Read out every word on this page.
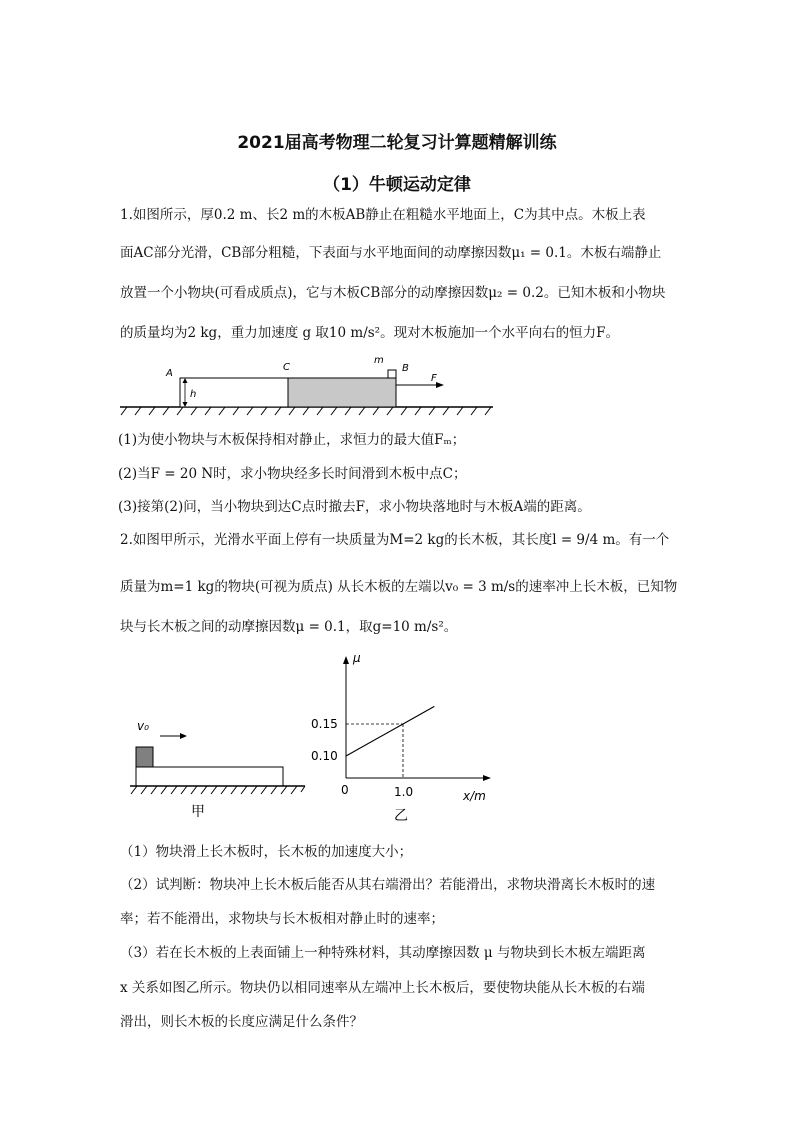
2021届高考物理二轮复习计算题精解训练
（1）牛顿运动定律
1.如图所示，厚0.2 m、长2 m的木板AB静止在粗糙水平地面上，C为其中点。木板上表
面AC部分光滑，CB部分粗糙，下表面与水平地面间的动摩擦因数μ₁ = 0.1。木板右端静止
放置一个小物块(可看成质点)，它与木板CB部分的动摩擦因数μ₂ = 0.2。已知木板和小物块
的质量均为2 kg，重力加速度 g 取10 m/s²。现对木板施加一个水平向右的恒力F。
A
h
C
m
B
F
(1)为使小物块与木板保持相对静止，求恒力的最大值Fₘ；
(2)当F = 20 N时，求小物块经多长时间滑到木板中点C；
(3)接第(2)问，当小物块到达C点时撤去F，求小物块落地时与木板A端的距离。
2.如图甲所示，光滑水平面上停有一块质量为M=2 kg的长木板，其长度l = 9/4 m。有一个
质量为m=1 kg的物块(可视为质点) 从长木板的左端以v₀ = 3 m/s的速率冲上长木板，已知物
块与长木板之间的动摩擦因数μ = 0.1，取g=10 m/s²。
v₀
甲
μ
x/m
0
0.10
0.15
1.0
乙
（1）物块滑上长木板时，长木板的加速度大小；
（2）试判断：物块冲上长木板后能否从其右端滑出？若能滑出，求物块滑离长木板时的速
率；若不能滑出，求物块与长木板相对静止时的速率；
（3）若在长木板的上表面铺上一种特殊材料，其动摩擦因数 μ 与物块到长木板左端距离
x 关系如图乙所示。物块仍以相同速率从左端冲上长木板后，要使物块能从长木板的右端
滑出，则长木板的长度应满足什么条件？
